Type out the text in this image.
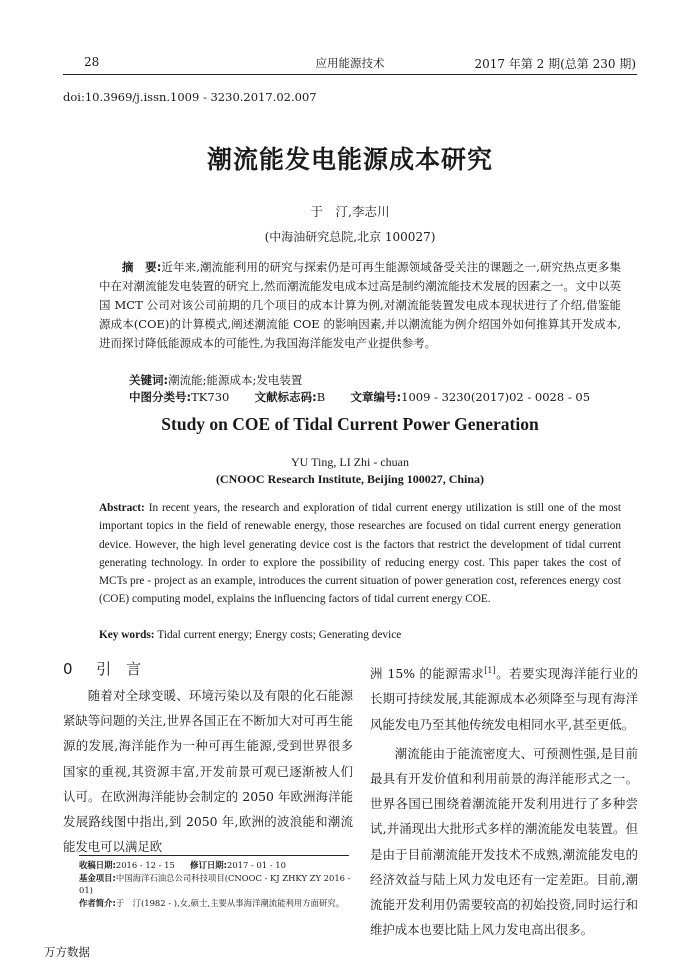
28	应用能源技术	2017 年第 2 期(总第 230 期)
doi:10.3969/j.issn.1009 - 3230.2017.02.007
潮流能发电能源成本研究
于　汀,李志川
(中海油研究总院,北京 100027)
摘　要:近年来,潮流能利用的研究与探索仍是可再生能源领域备受关注的课题之一,研究热点更多集中在对潮流能发电装置的研究上,然而潮流能发电成本过高是制约潮流能技术发展的因素之一。文中以英国 MCT 公司对该公司前期的几个项目的成本计算为例,对潮流能装置发电成本现状进行了介绍,借鉴能源成本(COE)的计算模式,阐述潮流能 COE 的影响因素,并以潮流能为例介绍国外如何推算其开发成本,进而探讨降低能源成本的可能性,为我国海洋能发电产业提供参考。
关键词:潮流能;能源成本;发电装置
中图分类号:TK730 文献标志码:B 文章编号:1009 - 3230(2017)02 - 0028 - 05
Study on COE of Tidal Current Power Generation
YU Ting, LI Zhi - chuan
(CNOOC Research Institute, Beijing 100027, China)
Abstract: In recent years, the research and exploration of tidal current energy utilization is still one of the most important topics in the field of renewable energy, those researches are focused on tidal current energy generation device. However, the high level generating device cost is the factors that restrict the development of tidal current generating technology. In order to explore the possibility of reducing energy cost. This paper takes the cost of MCTs pre - project as an example, introduces the current situation of power generation cost, references energy cost (COE) computing model, explains the influencing factors of tidal current energy COE.
Key words: Tidal current energy; Energy costs; Generating device
0 引　言
随着对全球变暖、环境污染以及有限的化石能源紧缺等问题的关注,世界各国正在不断加大对可再生能源的发展,海洋能作为一种可再生能源,受到世界很多国家的重视,其资源丰富,开发前景可观已逐渐被人们认可。在欧洲海洋能协会制定的 2050 年欧洲海洋能发展路线图中指出,到 2050 年,欧洲的波浪能和潮流能发电可以满足欧
收稿日期:2016 - 12 - 15 修订日期:2017 - 01 - 10
基金项目:中国海洋石油总公司科技项目(CNOOC - KJ ZHKY ZY 2016 - 01)
作者简介:于　汀(1982 - ),女,硕士,主要从事海洋潮流能利用方面研究。
洲 15% 的能源需求[1]。若要实现海洋能行业的长期可持续发展,其能源成本必须降至与现有海洋风能发电乃至其他传统发电相同水平,甚至更低。
潮流能由于能流密度大、可预测性强,是目前最具有开发价值和利用前景的海洋能形式之一。世界各国已围绕着潮流能开发利用进行了多种尝试,并涌现出大批形式多样的潮流能发电装置。但是由于目前潮流能开发技术不成熟,潮流能发电的经济效益与陆上风力发电还有一定差距。目前,潮流能开发利用仍需要较高的初始投资,同时运行和维护成本也要比陆上风力发电高出很多。
万方数据
